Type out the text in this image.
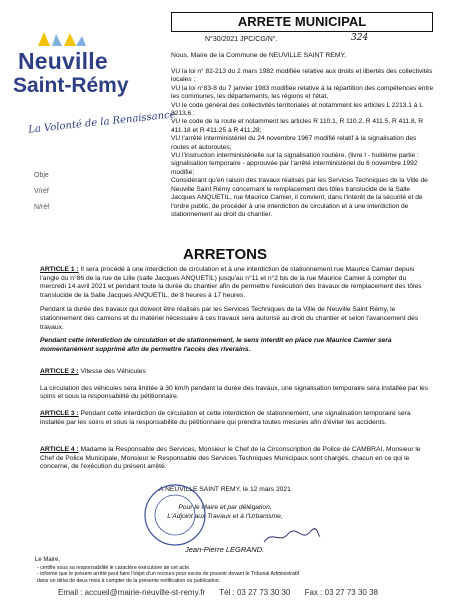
Neuville
Saint-Rémy
La Volonté de la Renaissance
Obje
V/réf
N/réf
ARRETE MUNICIPAL
N°30/2021 JPC/CG/N°.	324
Nous, Maire de la Commune de NEUVILLE SAINT REMY,

VU la loi n° 82-213 du 2 mars 1982 modifiée relative aux droits et libertés des collectivités locales ;

VU la loi n°83-8 du 7 janvier 1983 modifiée relative à la répartition des compétences entre les communes, les départements, les régions et l'état,

VU le code général des collectivités territoriales et notamment les articles L 2213.1 à L 2213.6 ;

VU le code de la route et notamment les articles R 110.1, R 110.2, R 411.5, R 411.8, R 411.18 et R 411.25 à R 411.28;

VU l'arrêté interministériel du 24 novembre 1967 modifié relatif à la signalisation des routes et autoroutes;

VU l'instruction interministérielle sur la signalisation routière, (livre I - huitième partie : signalisation temporaire - approuvée par l'arrêté interministériel du 6 novembre 1992 modifié;

Considérant qu'en raison des travaux réalisés par les Services Techniques de la Ville de Neuville Saint Rémy concernant le remplacement des tôles translucide de la Salle Jacques ANQUETIL, rue Maurice Camier, il convient, dans l'intérêt de la sécurité et de l'ordre public, de procéder à une interdiction de circulation et à une interdiction de stationnement au droit du chantier.

ARRETONS

ARTICLE 1 : Il sera procédé à une interdiction de circulation et à une interdiction de stationnement rue Maurice Camier depuis l'angle du n°86 de la rue de Lille (salle Jacques ANQUETIL) jusqu'au n°11 et n°2 bis de la rue Maurice Camier à compter du mercredi 14 avril 2021 et pendant toute la durée du chantier afin de permettre l'exécution des travaux de remplacement des tôles translucide de la Salle Jacques ANQUETIL, de 8 heures à 17 heures.

Pendant la durée des travaux qui doivent être réalisés par les Services Techniques de la Ville de Neuville Saint Rémy, le stationnement des camions et du matériel nécessaire à ces travaux sera autorisé au droit du chantier et selon l'avancement des travaux.

Pendant cette interdiction de circulation et de stationnement, le sens interdit en place rue Maurice Camier sera momentanément supprimé afin de permettre l'accès des riverains.

ARTICLE 2 : Vitesse des Véhicules

La circulation des véhicules sera limitée à 30 km/h pendant la durée des travaux, une signalisation temporaire sera installée par les soins et sous la responsabilité du pétitionnaire.

ARTICLE 3 : Pendant cette interdiction de circulation et cette interdiction de stationnement, une signalisation temporaire sera installée par les soins et sous la responsabilité du pétitionnaire qui prendra toutes mesures afin d'éviter les accidents.

ARTICLE 4 : Madame la Responsable des Services, Monsieur le Chef de la Circonscription de Police de CAMBRAI, Monsieur le Chef de Police Municipale, Monsieur le Responsable des Services Techniques Municipaux sont chargés, chacun en ce qui le concerne, de l'exécution du présent arrêté.

A NEUVILLE SAINT REMY, le 12 mars 2021
Pour le Maire et par délégation,
L'Adjoint aux Travaux et à l'Urbanisme,
Jean-Pierre LEGRAND.
Le Maire,
- certifie sous sa responsabilité le caractère exécutoire de cet acte.
- informe que le présent arrêté peut faire l'objet d'un recours pour excès de pouvoir devant le Tribunal Administratif
dans un délai de deux mois à compter de la présente notification ou publication.
Email : accueil@mairie-neuville-st-remy.fr Tél : 03 27 73 30 30 Fax : 03 27 73 30 38
